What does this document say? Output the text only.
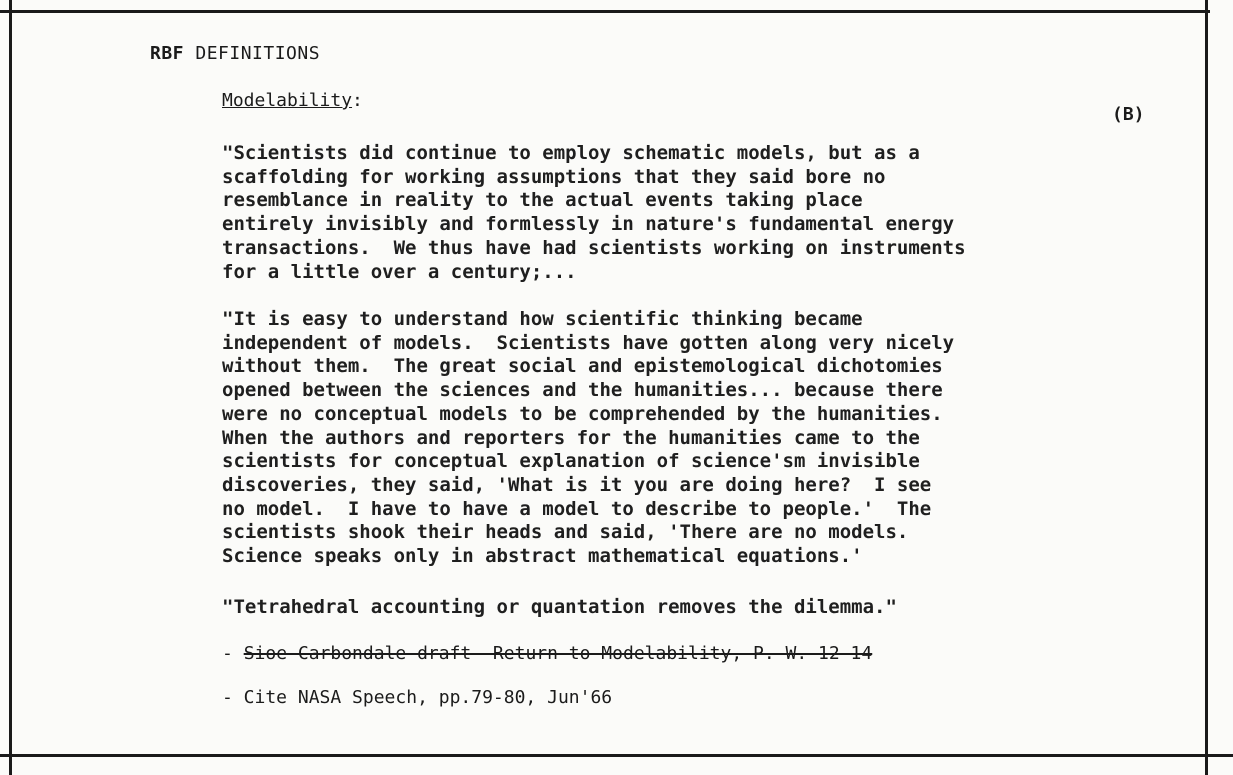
RBF DEFINITIONS
Modelability:
(B)
"Scientists did continue to employ schematic models, but as a
scaffolding for working assumptions that they said bore no
resemblance in reality to the actual events taking place
entirely invisibly and formlessly in nature's fundamental energy
transactions.  We thus have had scientists working on instruments
for a little over a century;...
"It is easy to understand how scientific thinking became
independent of models.  Scientists have gotten along very nicely
without them.  The great social and epistemological dichotomies
opened between the sciences and the humanities... because there
were no conceptual models to be comprehended by the humanities.
When the authors and reporters for the humanities came to the
scientists for conceptual explanation of science'sm invisible
discoveries, they said, 'What is it you are doing here?  I see
no model.  I have to have a model to describe to people.'  The
scientists shook their heads and said, 'There are no models.
Science speaks only in abstract mathematical equations.'
"Tetrahedral accounting or quantation removes the dilemma."
- Sioe-Carbondale draft -Return to-Modelability,-P. W.-12-14
- Cite NASA Speech, pp.79-80, Jun'66
